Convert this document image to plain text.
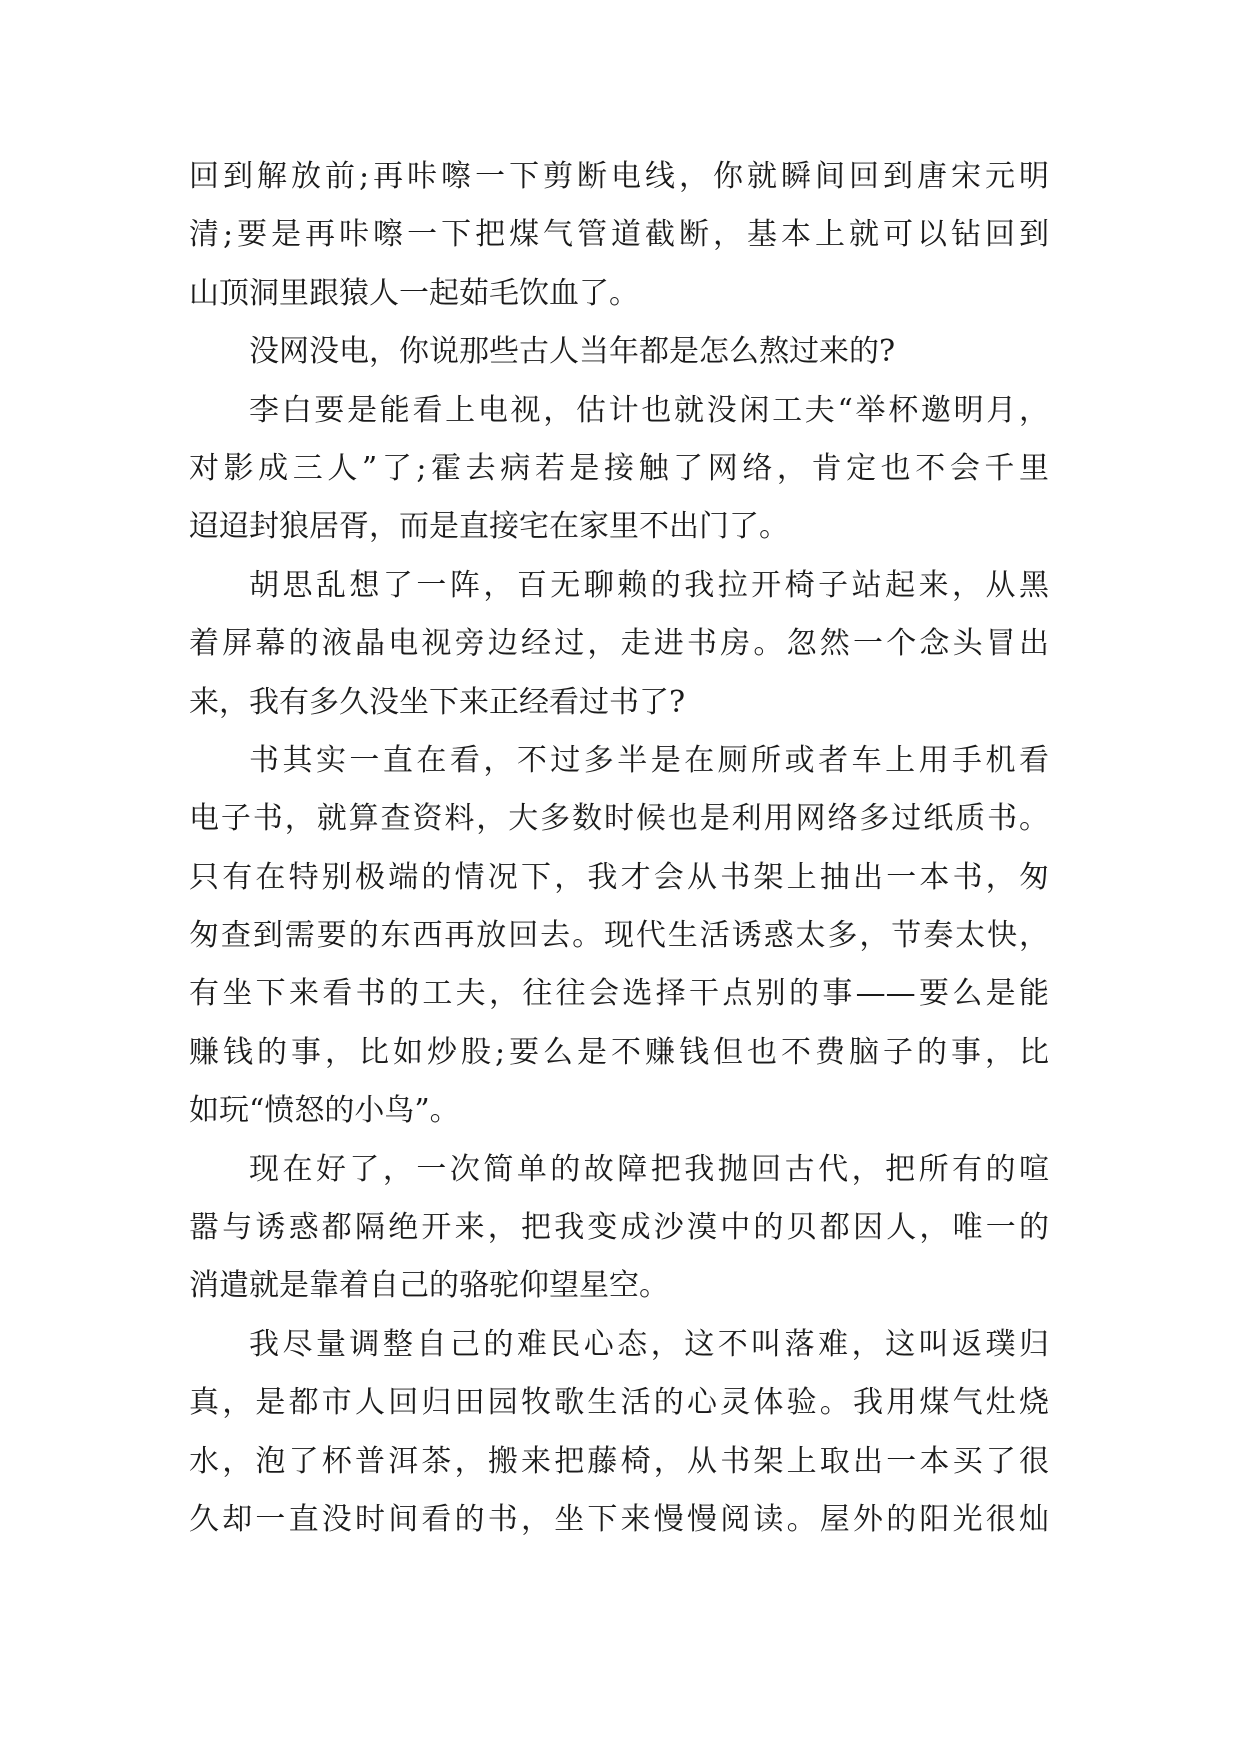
回到解放前;再咔嚓一下剪断电线，你就瞬间回到唐宋元明
清;要是再咔嚓一下把煤气管道截断，基本上就可以钻回到
山顶洞里跟猿人一起茹毛饮血了。
没网没电，你说那些古人当年都是怎么熬过来的?
李白要是能看上电视，估计也就没闲工夫“举杯邀明月，
对影成三人”了;霍去病若是接触了网络，肯定也不会千里
迢迢封狼居胥，而是直接宅在家里不出门了。
胡思乱想了一阵，百无聊赖的我拉开椅子站起来，从黑
着屏幕的液晶电视旁边经过，走进书房。忽然一个念头冒出
来，我有多久没坐下来正经看过书了?
书其实一直在看，不过多半是在厕所或者车上用手机看
电子书，就算查资料，大多数时候也是利用网络多过纸质书。
只有在特别极端的情况下，我才会从书架上抽出一本书，匆
匆查到需要的东西再放回去。现代生活诱惑太多，节奏太快，
有坐下来看书的工夫，往往会选择干点别的事——要么是能
赚钱的事，比如炒股;要么是不赚钱但也不费脑子的事，比
如玩“愤怒的小鸟”。
现在好了，一次简单的故障把我抛回古代，把所有的喧
嚣与诱惑都隔绝开来，把我变成沙漠中的贝都因人，唯一的
消遣就是靠着自己的骆驼仰望星空。
我尽量调整自己的难民心态，这不叫落难，这叫返璞归
真，是都市人回归田园牧歌生活的心灵体验。我用煤气灶烧
水，泡了杯普洱茶，搬来把藤椅，从书架上取出一本买了很
久却一直没时间看的书，坐下来慢慢阅读。屋外的阳光很灿
